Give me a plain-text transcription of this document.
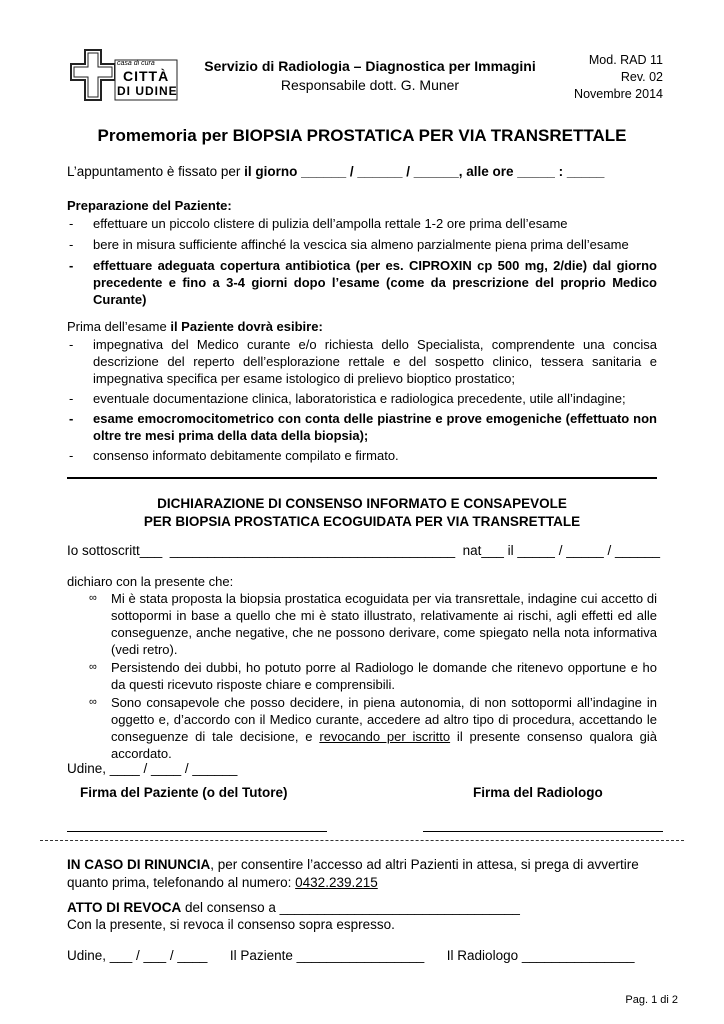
casa di cura
CITTÀ
DI UDINE
Servizio di Radiologia – Diagnostica per Immagini
Responsabile dott. G. Muner
Mod. RAD 11
Rev. 02
Novembre 2014
Promemoria per BIOPSIA PROSTATICA PER VIA TRANSRETTALE
L’appuntamento è fissato per il giorno ______ / ______ / ______, alle ore _____ : _____
Preparazione del Paziente:
- effettuare un piccolo clistere di pulizia dell’ampolla rettale 1-2 ore prima dell’esame
- bere in misura sufficiente affinché la vescica sia almeno parzialmente piena prima dell’esame
- effettuare adeguata copertura antibiotica (per es. CIPROXIN cp 500 mg, 2/die) dal giorno precedente e fino a 3-4 giorni dopo l’esame (come da prescrizione del proprio Medico Curante)
Prima dell’esame il Paziente dovrà esibire:
- impegnativa del Medico curante e/o richiesta dello Specialista, comprendente una concisa descrizione del reperto dell’esplorazione rettale e del sospetto clinico, tessera sanitaria e impegnativa specifica per esame istologico di prelievo bioptico prostatico;
- eventuale documentazione clinica, laboratoristica e radiologica precedente, utile all’indagine;
- esame emocromocitometrico con conta delle piastrine e prove emogeniche (effettuato non oltre tre mesi prima della data della biopsia);
- consenso informato debitamente compilato e firmato.
DICHIARAZIONE DI CONSENSO INFORMATO E CONSAPEVOLE
PER BIOPSIA PROSTATICA ECOGUIDATA PER VIA TRANSRETTALE
Io sottoscritt___  ______________________________________  nat___ il _____ / _____ / ______
dichiaro con la presente che:
∞ Mi è stata proposta la biopsia prostatica ecoguidata per via transrettale, indagine cui accetto di sottopormi in base a quello che mi è stato illustrato, relativamente ai rischi, agli effetti ed alle conseguenze, anche negative, che ne possono derivare, come spiegato nella nota informativa (vedi retro).
∞ Persistendo dei dubbi, ho potuto porre al Radiologo le domande che ritenevo opportune e ho da questi ricevuto risposte chiare e comprensibili.
∞ Sono consapevole che posso decidere, in piena autonomia, di non sottopormi all’indagine in oggetto e, d’accordo con il Medico curante, accedere ad altro tipo di procedura, accettando le conseguenze di tale decisione, e revocando per iscritto il presente consenso qualora già accordato.
Udine, ____ / ____ / ______
Firma del Paziente (o del Tutore)	Firma del Radiologo
IN CASO DI RINUNCIA, per consentire l’accesso ad altri Pazienti in attesa, si prega di avvertire quanto prima, telefonando al numero: 0432.239.215
ATTO DI REVOCA del consenso a ________________________________
Con la presente, si revoca il consenso sopra espresso.
Udine, ___ / ___ / ____      Il Paziente _________________      Il Radiologo _______________
Pag. 1 di 2
